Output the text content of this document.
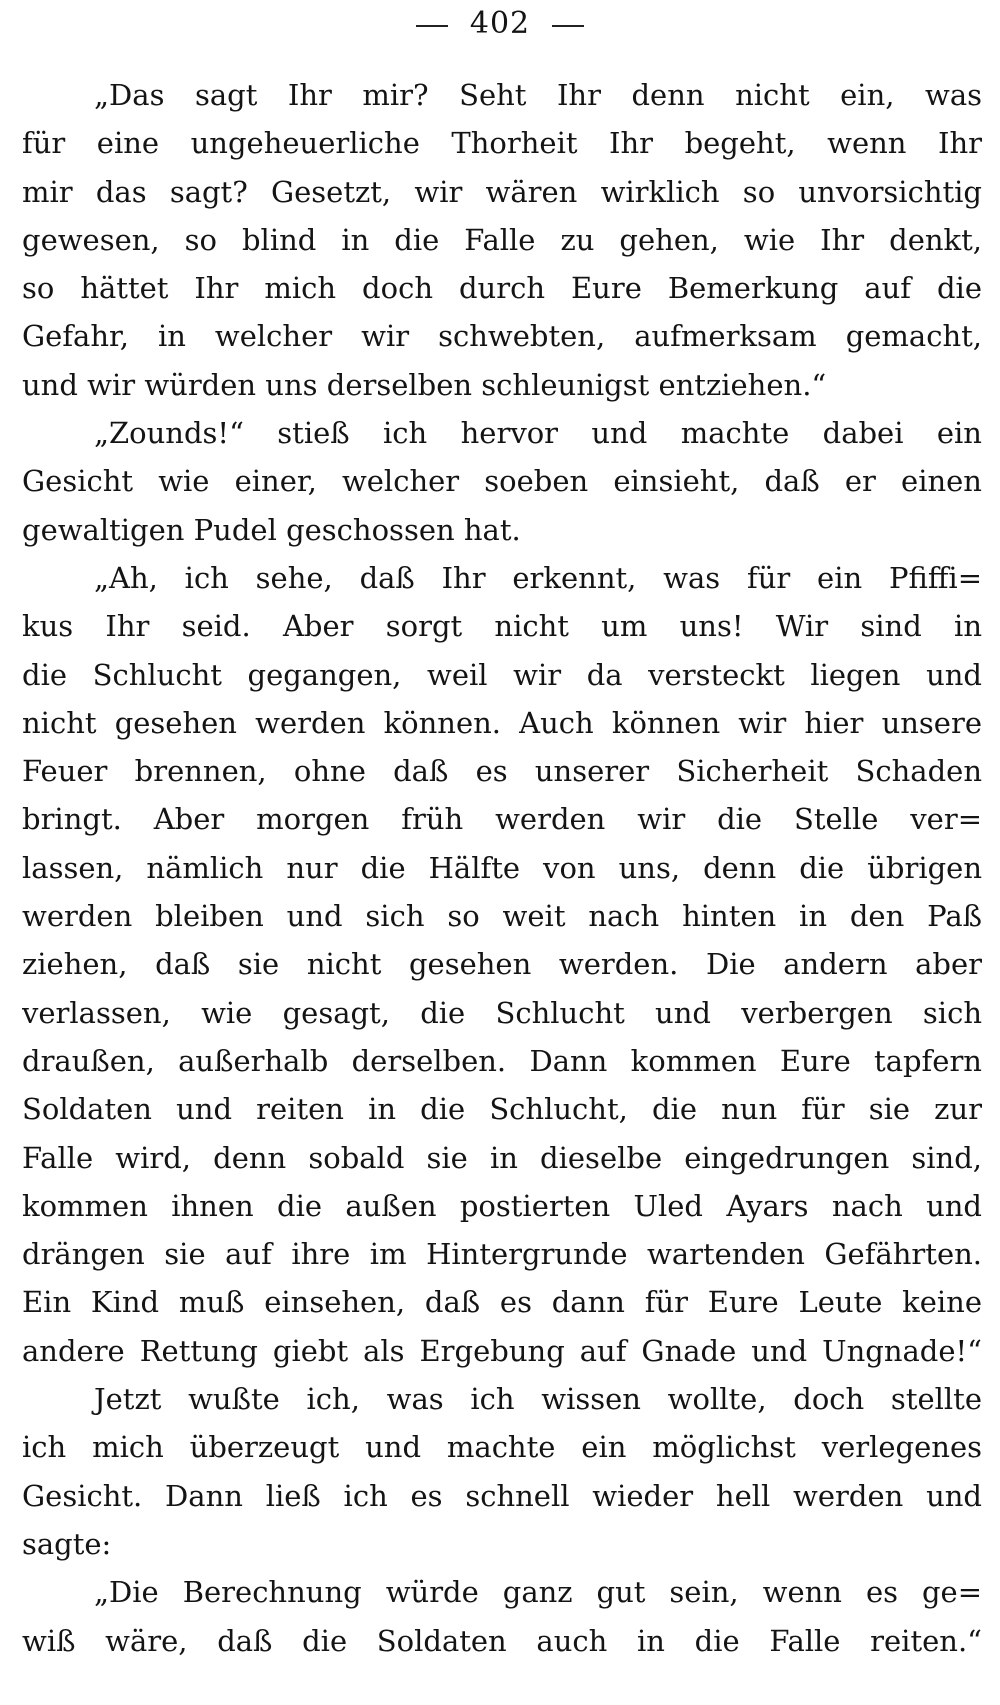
402
„Das sagt Ihr mir? Seht Ihr denn nicht ein, was
für eine ungeheuerliche Thorheit Ihr begeht, wenn Ihr
mir das sagt? Gesetzt, wir wären wirklich so unvorsichtig
gewesen, so blind in die Falle zu gehen, wie Ihr denkt,
so hättet Ihr mich doch durch Eure Bemerkung auf die
Gefahr, in welcher wir schwebten, aufmerksam gemacht,
und wir würden uns derselben schleunigst entziehen.“
„Zounds!“ stieß ich hervor und machte dabei ein
Gesicht wie einer, welcher soeben einsieht, daß er einen
gewaltigen Pudel geschossen hat.
„Ah, ich sehe, daß Ihr erkennt, was für ein Pfiffi=
kus Ihr seid. Aber sorgt nicht um uns! Wir sind in
die Schlucht gegangen, weil wir da versteckt liegen und
nicht gesehen werden können. Auch können wir hier unsere
Feuer brennen, ohne daß es unserer Sicherheit Schaden
bringt. Aber morgen früh werden wir die Stelle ver=
lassen, nämlich nur die Hälfte von uns, denn die übrigen
werden bleiben und sich so weit nach hinten in den Paß
ziehen, daß sie nicht gesehen werden. Die andern aber
verlassen, wie gesagt, die Schlucht und verbergen sich
draußen, außerhalb derselben. Dann kommen Eure tapfern
Soldaten und reiten in die Schlucht, die nun für sie zur
Falle wird, denn sobald sie in dieselbe eingedrungen sind,
kommen ihnen die außen postierten Uled Ayars nach und
drängen sie auf ihre im Hintergrunde wartenden Gefährten.
Ein Kind muß einsehen, daß es dann für Eure Leute keine
andere Rettung giebt als Ergebung auf Gnade und Ungnade!“
Jetzt wußte ich, was ich wissen wollte, doch stellte
ich mich überzeugt und machte ein möglichst verlegenes
Gesicht. Dann ließ ich es schnell wieder hell werden und
sagte:
„Die Berechnung würde ganz gut sein, wenn es ge=
wiß wäre, daß die Soldaten auch in die Falle reiten.“
